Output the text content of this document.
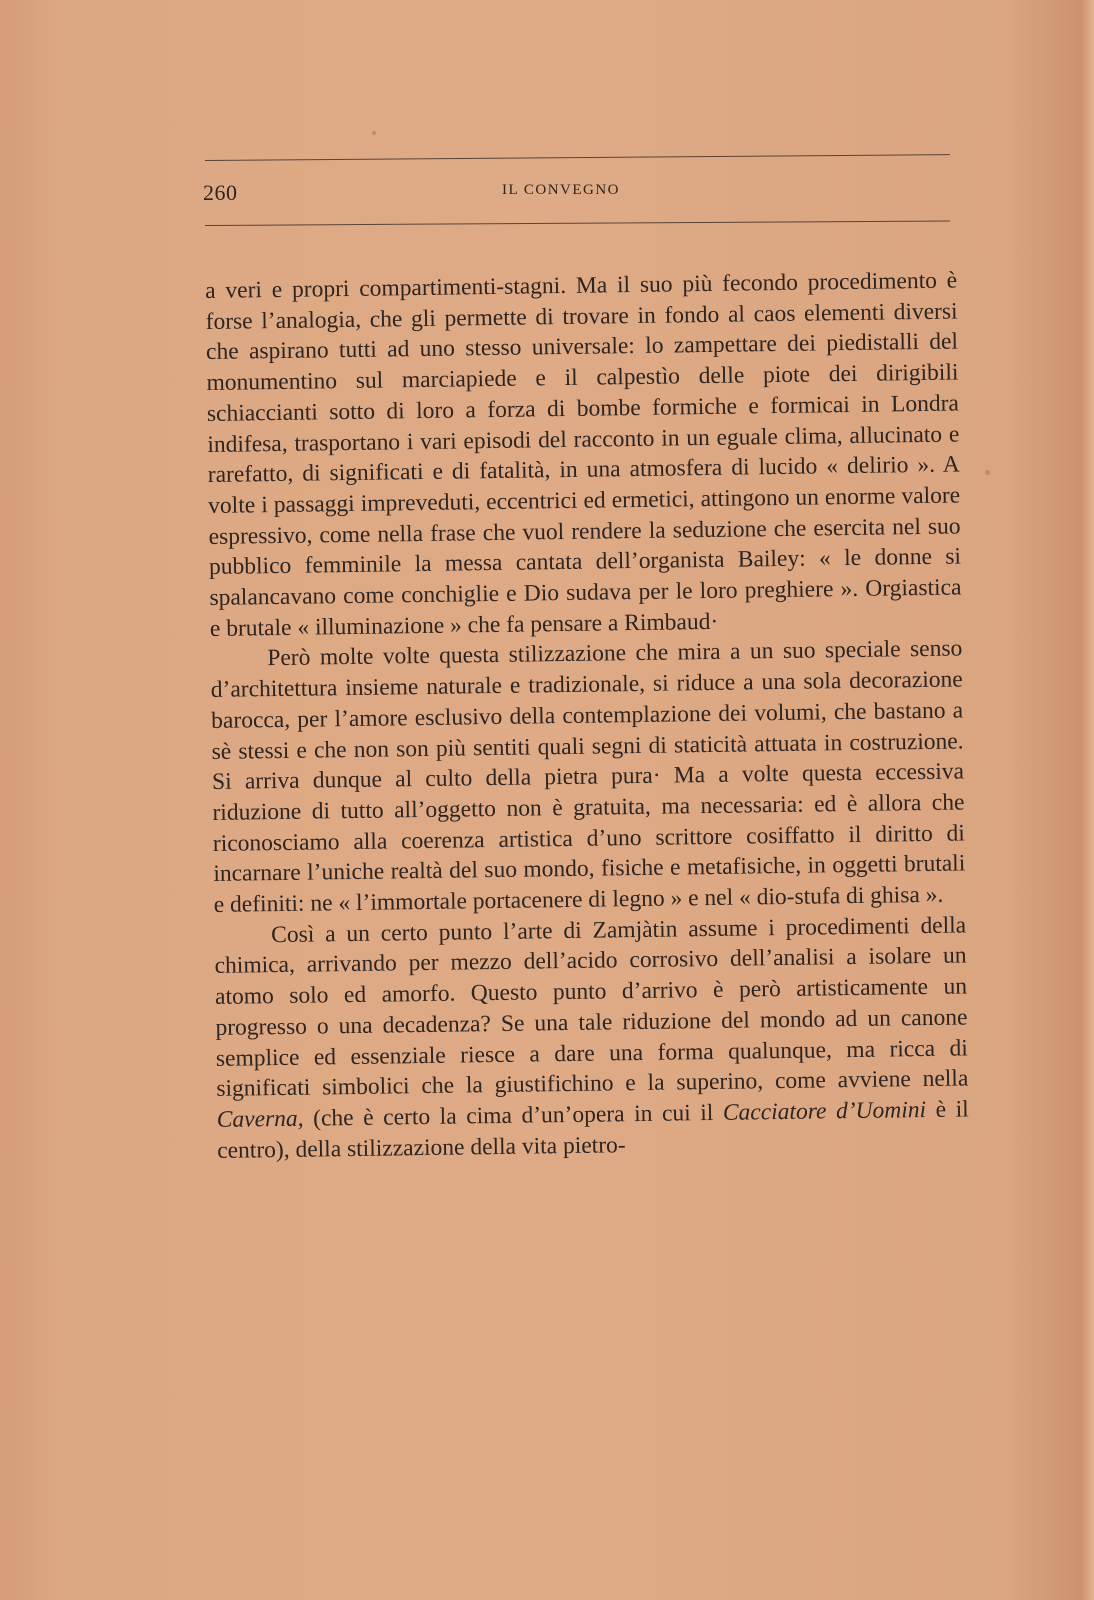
260	IL CONVEGNO

a veri e propri compartimenti-stagni. Ma il suo più fecondo procedimento è forse l’analogia, che gli permette di trovare in fondo al caos elementi diversi che aspirano tutti ad uno stesso universale: lo zampettare dei piedistalli del monumentino sul marciapiede e il calpestìo delle piote dei dirigibili schiaccianti sotto di loro a forza di bombe formiche e formicai in Londra indifesa, trasportano i vari episodi del racconto in un eguale clima, allucinato e rarefatto, di significati e di fatalità, in una atmosfera di lucido « delirio ». A volte i passaggi impreveduti, eccentrici ed ermetici, attingono un enorme valore espressivo, come nella frase che vuol rendere la seduzione che esercita nel suo pubblico femminile la messa cantata dell’organista Bailey: « le donne si spalancavano come conchiglie e Dio sudava per le loro preghiere ». Orgiastica e brutale « illuminazione » che fa pensare a Rimbaud·

Però molte volte questa stilizzazione che mira a un suo speciale senso d’architettura insieme naturale e tradizionale, si riduce a una sola decorazione barocca, per l’amore esclusivo della contemplazione dei volumi, che bastano a sè stessi e che non son più sentiti quali segni di staticità attuata in costruzione. Si arriva dunque al culto della pietra pura· Ma a volte questa eccessiva riduzione di tutto all’oggetto non è gratuita, ma necessaria: ed è allora che riconosciamo alla coerenza artistica d’uno scrittore cosiffatto il diritto di incarnare l’uniche realtà del suo mondo, fisiche e metafisiche, in oggetti brutali e definiti: ne « l’immortale portacenere di legno » e nel « dio-stufa di ghisa ».

Così a un certo punto l’arte di Zamjàtin assume i procedimenti della chimica, arrivando per mezzo dell’acido corrosivo dell’analisi a isolare un atomo solo ed amorfo. Questo punto d’arrivo è però artisticamente un progresso o una decadenza? Se una tale riduzione del mondo ad un canone semplice ed essenziale riesce a dare una forma qualunque, ma ricca di significati simbolici che la giustifichino e la superino, come avviene nella Caverna, (che è certo la cima d’un’opera in cui il Cacciatore d’Uomini è il centro), della stilizzazione della vita pietro-
